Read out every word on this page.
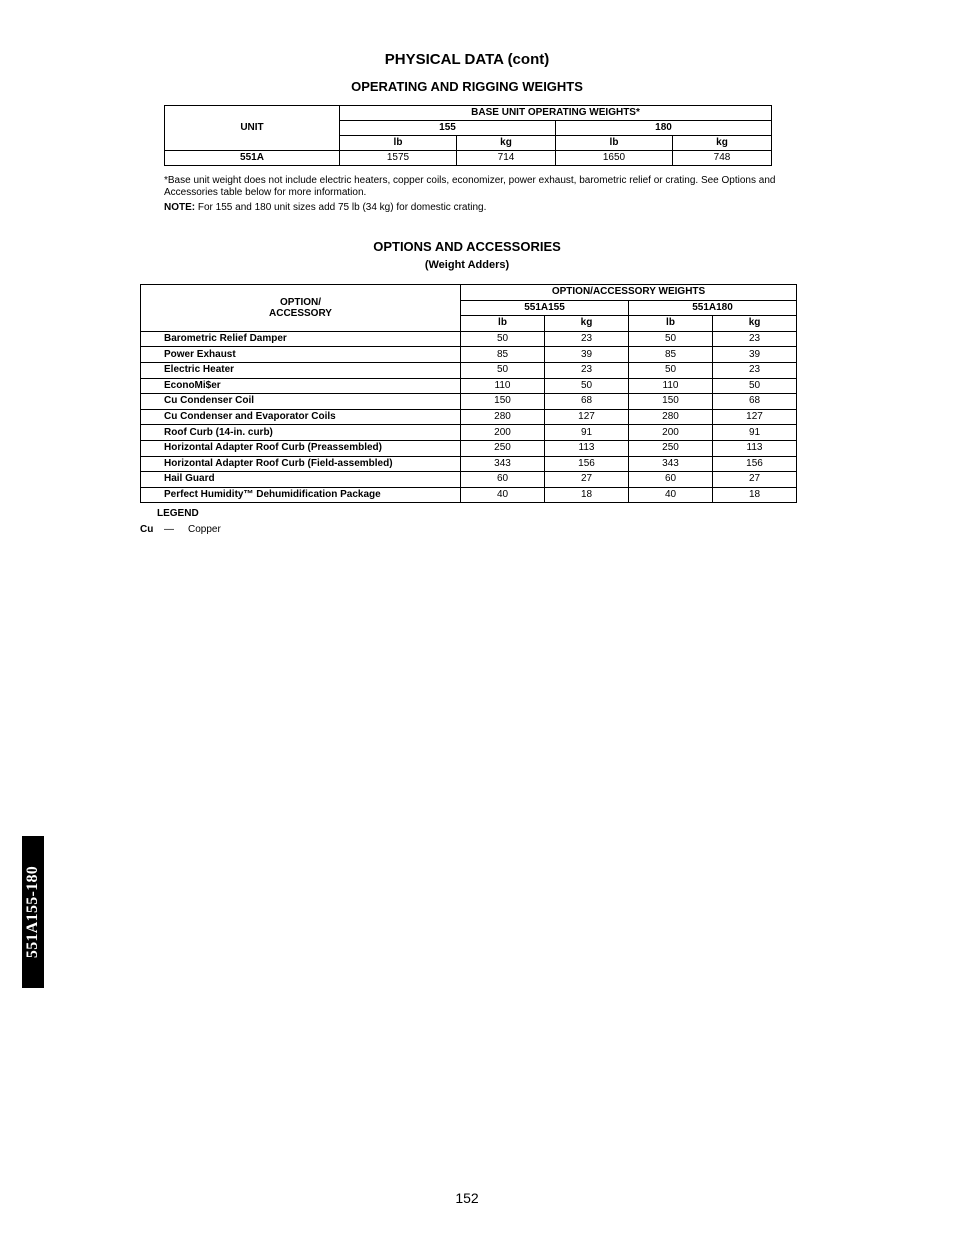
PHYSICAL DATA (cont)
OPERATING AND RIGGING WEIGHTS
UNIT	BASE UNIT OPERATING WEIGHTS*			
	155		180	
	lb	kg	lb	kg
551A	1575	714	1650	748
*Base unit weight does not include electric heaters, copper coils, economizer, power exhaust, barometric relief or crating. See Options and Accessories table below for more information.
NOTE: For 155 and 180 unit sizes add 75 lb (34 kg) for domestic crating.
OPTIONS AND ACCESSORIES
(Weight Adders)
OPTION/
ACCESSORY	OPTION/ACCESSORY WEIGHTS			
	551A155		551A180	
	lb	kg	lb	kg
Barometric Relief Damper	50	23	50	23
Power Exhaust	85	39	85	39
Electric Heater	50	23	50	23
EconoMi$er	110	50	110	50
Cu Condenser Coil	150	68	150	68
Cu Condenser and Evaporator Coils	280	127	280	127
Roof Curb (14-in. curb)	200	91	200	91
Horizontal Adapter Roof Curb (Preassembled)	250	113	250	113
Horizontal Adapter Roof Curb (Field-assembled)	343	156	343	156
Hail Guard	60	27	60	27
Perfect Humidity™ Dehumidification Package	40	18	40	18
LEGEND
Cu — Copper
152
551A155-180
